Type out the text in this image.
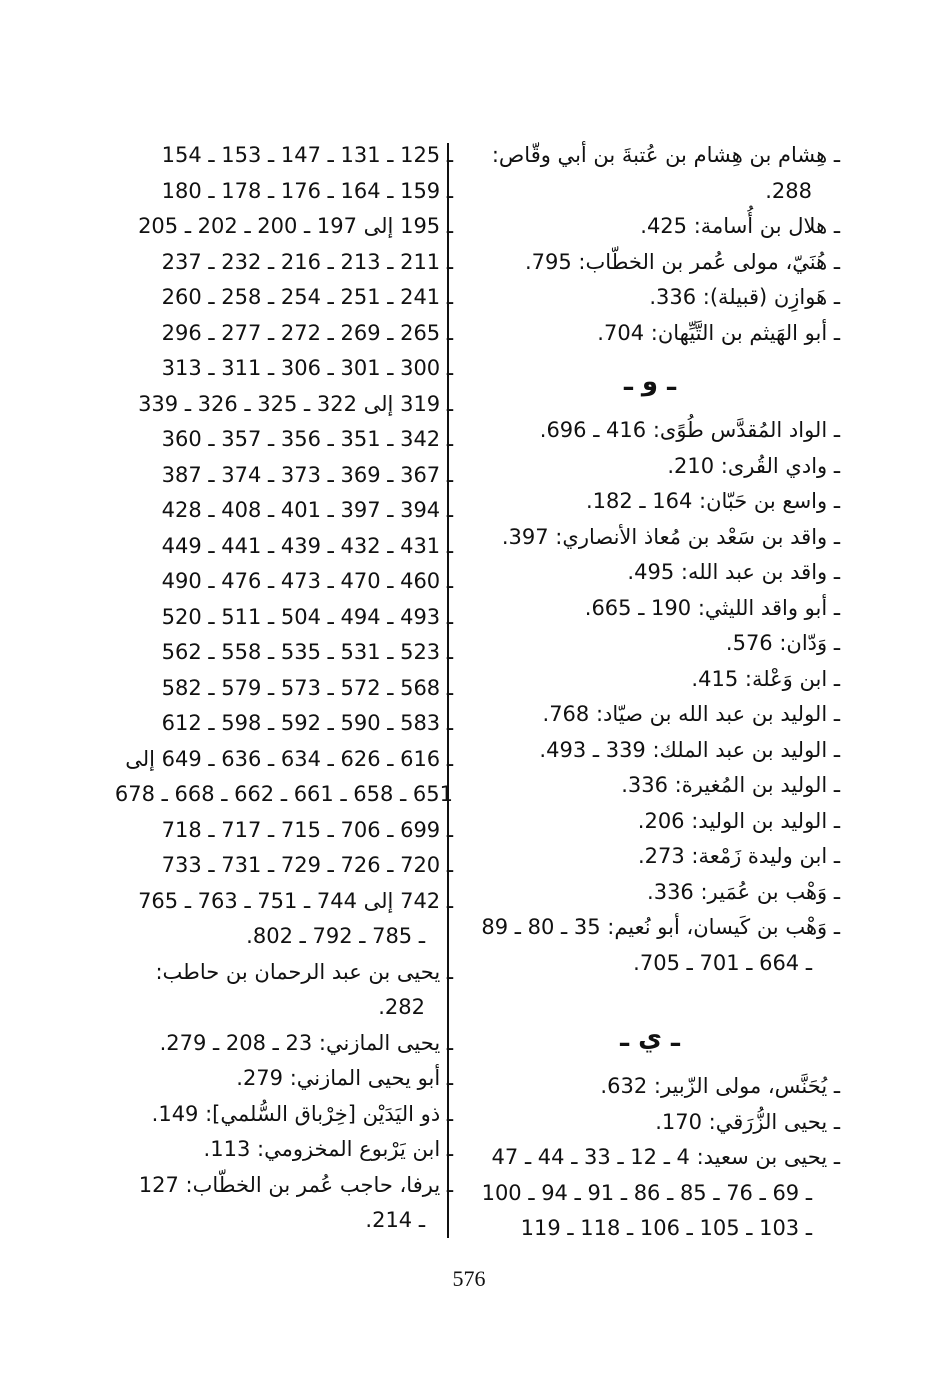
ـ هِشام بن هِشام بن عُتبةَ بن أبي وقّاص:

288.

ـ هلال بن أُسامة: 425.

ـ هُنَيّ، مولى عُمر بن الخطّاب: 795.

ـ هَوازِن (قبيلة): 336.

ـ أبو الهَيثم بن التَّيِّهان: 704.

ـ و ـ

ـ الواد المُقدَّس طُوًى: 416 ـ 696.

ـ وادي القُرى: 210.

ـ واسع بن حَبّان: 164 ـ 182.

ـ واقد بن سَعْد بن مُعاذ الأنصاري: 397.

ـ واقد بن عبد الله: 495.

ـ أبو واقد الليثي: 190 ـ 665.

ـ وَدّان: 576.

ـ ابن وَعْلة: 415.

ـ الوليد بن عبد الله بن صيّاد: 768.

ـ الوليد بن عبد الملك: 339 ـ 493.

ـ الوليد بن المُغيرة: 336.

ـ الوليد بن الوليد: 206.

ـ ابن وليدة زَمْعة: 273.

ـ وَهْب بن عُمَير: 336.

ـ وَهْب بن كَيسان، أبو نُعيم: 35 ـ 80 ـ 89

ـ 664 ـ 701 ـ 705.

ـ ي ـ

ـ يُحَنَّس، مولى الزّبير: 632.

ـ يحيى الزُّرَقي: 170.

ـ يحيى بن سعيد: 4 ـ 12 ـ 33 ـ 44 ـ 47

ـ 69 ـ 76 ـ 85 ـ 86 ـ 91 ـ 94 ـ 100

ـ 103 ـ 105 ـ 106 ـ 118 ـ 119

ـ 125 ـ 131 ـ 147 ـ 153 ـ 154

ـ 159 ـ 164 ـ 176 ـ 178 ـ 180

ـ 195 إلى 197 ـ 200 ـ 202 ـ 205

ـ 211 ـ 213 ـ 216 ـ 232 ـ 237

ـ 241 ـ 251 ـ 254 ـ 258 ـ 260

ـ 265 ـ 269 ـ 272 ـ 277 ـ 296

ـ 300 ـ 301 ـ 306 ـ 311 ـ 313

ـ 319 إلى 322 ـ 325 ـ 326 ـ 339

ـ 342 ـ 351 ـ 356 ـ 357 ـ 360

ـ 367 ـ 369 ـ 373 ـ 374 ـ 387

ـ 394 ـ 397 ـ 401 ـ 408 ـ 428

ـ 431 ـ 432 ـ 439 ـ 441 ـ 449

ـ 460 ـ 470 ـ 473 ـ 476 ـ 490

ـ 493 ـ 494 ـ 504 ـ 511 ـ 520

ـ 523 ـ 531 ـ 535 ـ 558 ـ 562

ـ 568 ـ 572 ـ 573 ـ 579 ـ 582

ـ 583 ـ 590 ـ 592 ـ 598 ـ 612

ـ 616 ـ 626 ـ 634 ـ 636 ـ 649 إلى

651 ـ 658 ـ 661 ـ 662 ـ 668 ـ 678

ـ 699 ـ 706 ـ 715 ـ 717 ـ 718

ـ 720 ـ 726 ـ 729 ـ 731 ـ 733

ـ 742 إلى 744 ـ 751 ـ 763 ـ 765

ـ 785 ـ 792 ـ 802.

ـ يحيى بن عبد الرحمان بن حاطب:

282.

ـ يحيى المازني: 23 ـ 208 ـ 279.

ـ أبو يحيى المازني: 279.

ـ ذو اليَدَيْن [خِرْباق السُّلمي]: 149.

ـ ابن يَرْبوع المخزومي: 113.

ـ يرفا، حاجب عُمر بن الخطّاب: 127

ـ 214.

576
